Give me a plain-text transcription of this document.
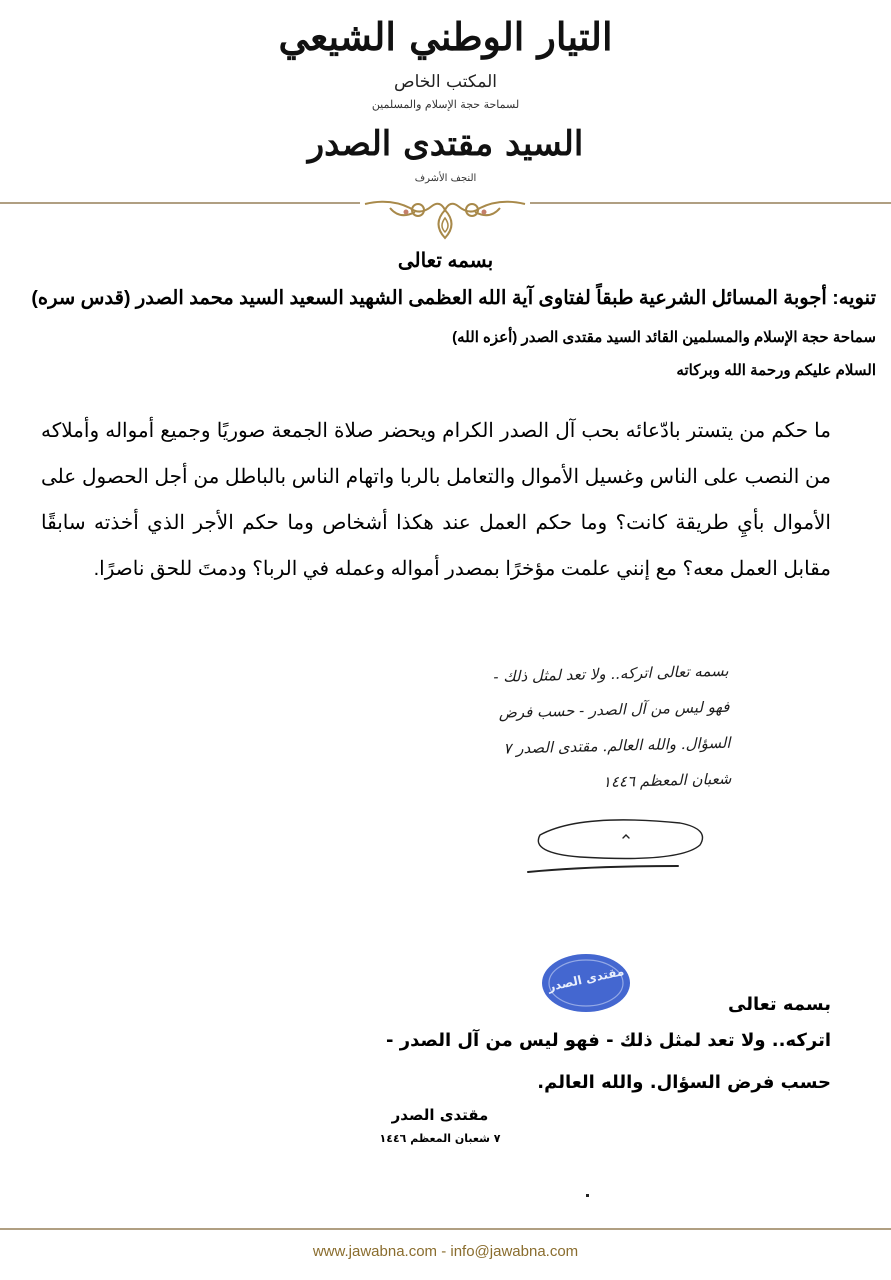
التيار الوطني الشيعي
المكتب الخاص
لسماحة حجة الإسلام والمسلمين
السيد مقتدى الصدر
النجف الأشرف
بسمه تعالى
تنويه: أجوبة المسائل الشرعية طبقاً لفتاوى آية الله العظمى الشهيد السعيد السيد محمد الصدر (قدس سره)
سماحة حجة الإسلام والمسلمين القائد السيد مقتدى الصدر (أعزه الله)
السلام عليكم ورحمة الله وبركاته
ما حكم من يتستر بادّعائه بحب آل الصدر الكرام ويحضر صلاة الجمعة صوريًا وجميع أمواله وأملاكه من النصب على الناس وغسيل الأموال والتعامل بالربا واتهام الناس بالباطل من أجل الحصول على الأموال بأيِ طريقة كانت؟ وما حكم العمل عند هكذا أشخاص وما حكم الأجر الذي أخذته سابقًا مقابل العمل معه؟ مع إنني علمت مؤخرًا بمصدر أمواله وعمله في الربا؟ ودمتَ للحق ناصرًا.
بسمه تعالى اتركه.. ولا تعد لمثل ذلك - فهو ليس من آل الصدر - حسب فرض السؤال. والله العالم. مقتدى الصدر ٧ شعبان المعظم ١٤٤٦
مقتدى الصدر
بسمه تعالى
اتركه.. ولا تعد لمثل ذلك - فهو ليس من آل الصدر -
حسب فرض السؤال. والله العالم.
مقتدى الصدر
٧ شعبان المعظم ١٤٤٦
www.jawabna.com - info@jawabna.com
